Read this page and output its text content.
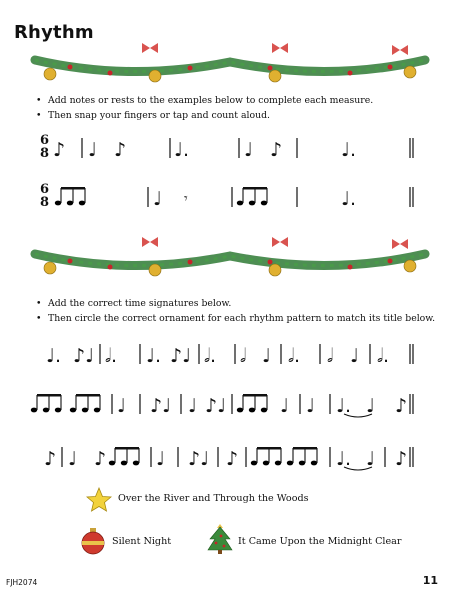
Rhythm
• Add notes or rests to the examples below to complete each measure.
• Then snap your fingers or tap and count aloud.
6
8 ♪ ♩ ♪	♩.	♩ ♪	♩.
6
8	♩ 𝄾	♩.
• Add the correct time signatures below.
• Then circle the correct ornament for each rhythm pattern to match its title below.
♩. ♪♩ 𝅗𝅥. ♩. ♪♩ 𝅗𝅥. 𝅗𝅥 ♩ 𝅗𝅥. 𝅗𝅥 ♩ 𝅗𝅥.
♩ ♪♩ ♩ ♪♩	♩ ♩ ♩. ♩ ♪
♪ ♩ ♪	♩ ♪♩ ♪	♩. ♩ ♪
Over the River and Through the Woods
Silent Night	It Came Upon the Midnight Clear
FJH2074	11
